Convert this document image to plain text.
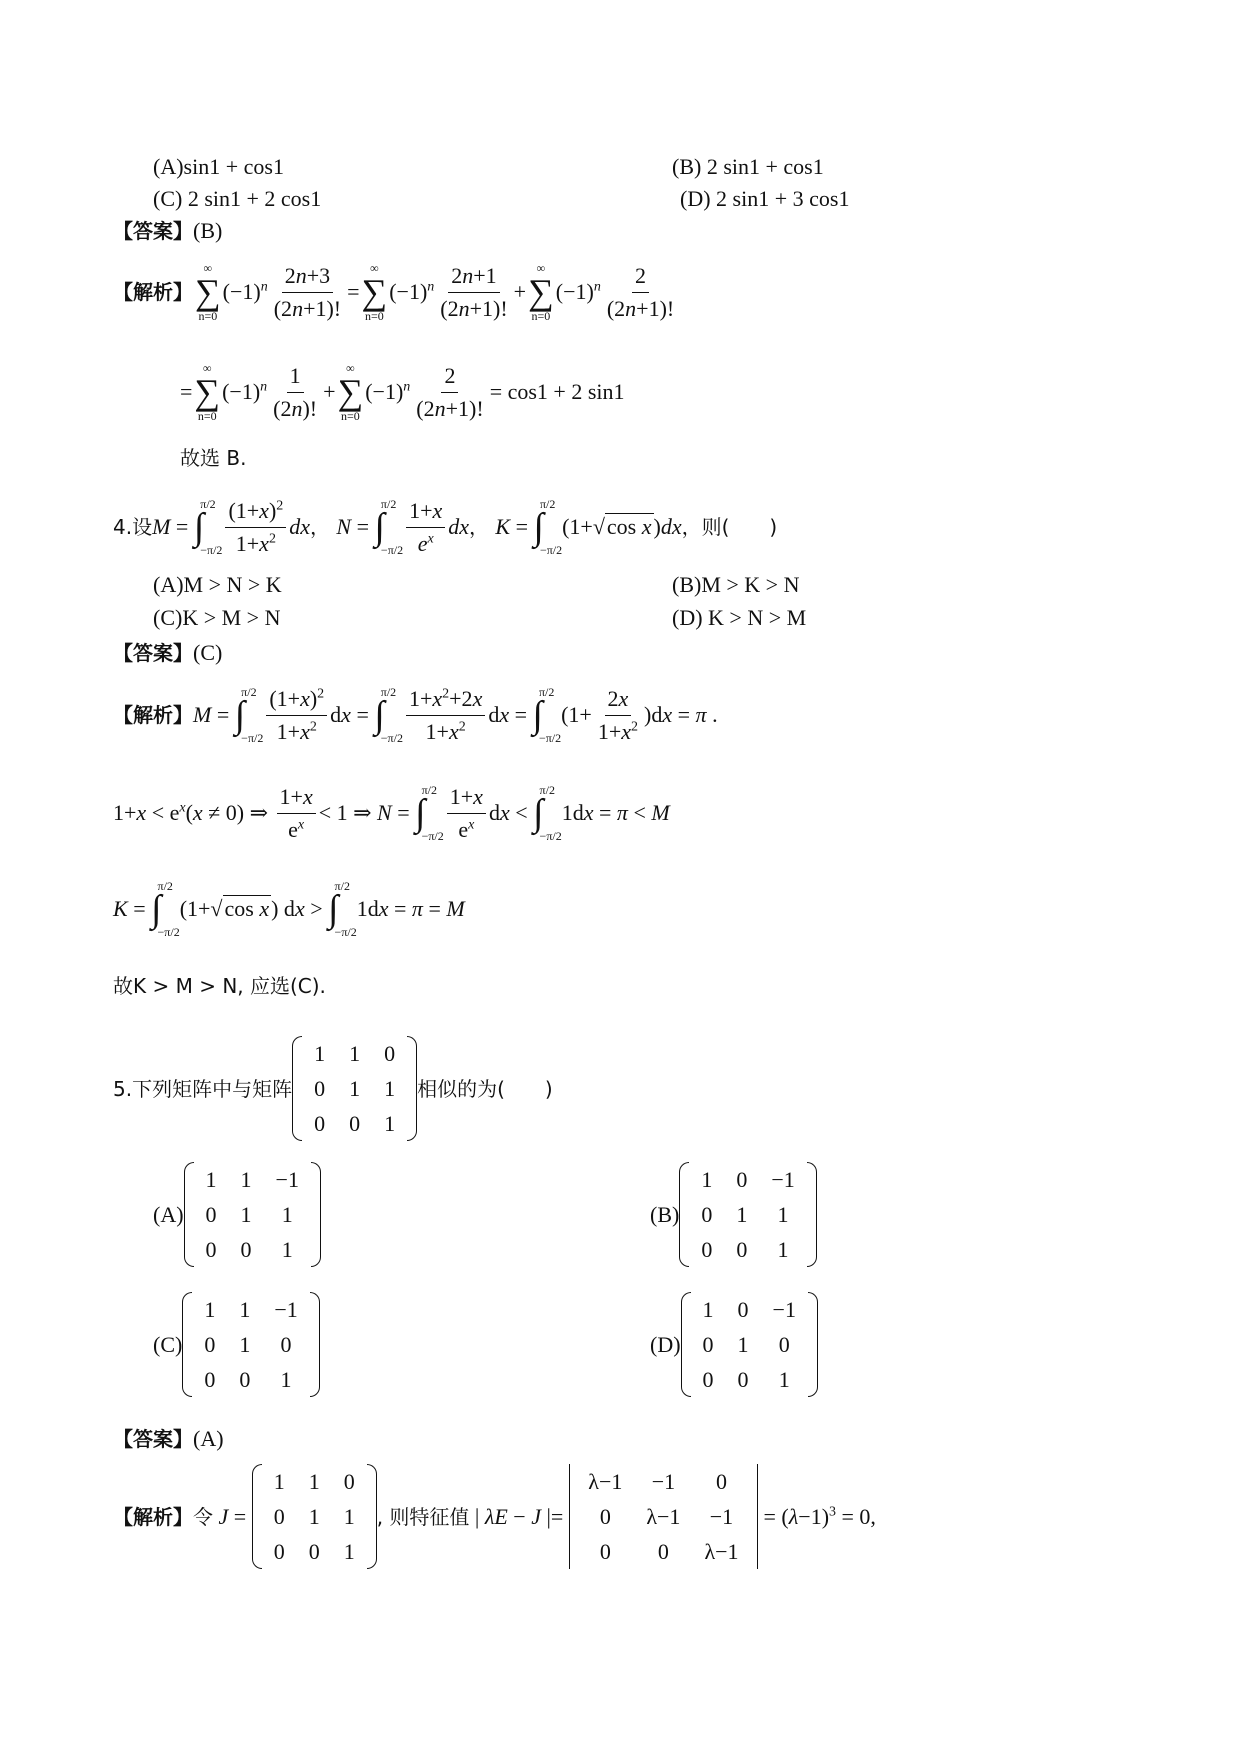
(A)sin1 + cos1	(B) 2 sin1 + cos1
(C) 2 sin1 + 2 cos1	(D) 2 sin1 + 3 cos1
【答案】(B)
【解析】
∞
∑
n=0
$(-1)^n \frac{2n+3}{(2n+1)!}$ =
∞
∑
n=0
$(-1)^n \frac{2n+1}{(2n+1)!}$ +
∞
∑
n=0
$(-1)^n \frac{2}{(2n+1)!}$
=
∞
∑
n=0
$(-1)^n \frac{1}{(2n)!}$ +
∞
∑
n=0
$(-1)^n \frac{2}{(2n+1)!} = \cos 1 + 2$ sin1
故选 B.
4.设 M = ∫
π/2
$-\pi/2 \frac{(1+x)^2}{1+x^2}$ dx ， N = ∫
π/2
$-\pi/2 \frac{1+x}{e^x}$ dx ， K = ∫
π/2
−π/2
(1+√cos x) dx ，则(　　)
(A)M > N > K	(B)M > K > N
(C)K > M > N	(D) K > N > M
【答案】(C)
【解析】 M = ∫
π/2
$-\pi/2 \frac{(1+x)^2}{1+x^2}$ dx = ∫
π/2
$-\pi/2 \frac{1+x^2+2x}{1+x^2}$ dx = ∫
π/2
−π/2
$(1+ \frac{2x}{1+x^2} )dx = \pi$ .
$1+x < e^x(x \ne 0)$ ⇒ $\frac{1+x}{e^x} < 1$ ⇒ N = ∫
π/2
$-\pi/2 \frac{1+x}{e^x}$ dx < ∫
π/2
−π/2
1dx = π < M
K = ∫
π/2
−π/2
(1+√cos x) dx > ∫
π/2
−π/2
1dx = π = M
故K > M > N, 应选(C).
5.下列矩阵中与矩阵
1	1	0
0	1	1
0	0	1
相似的为(　　)
(A)
1	1	−1
0	1	1
0	0	1
(B)
1	0	−1
0	1	1
0	0	1
(C)
1	1	−1
0	1	0
0	0	1
(D)
1	0	−1
0	1	0
0	0	1
【答案】(A)
【解析】 令 J =
1	1	0
0	1	1
0	0	1
, 则特征值 | λE − J |=
λ−1	−1	0
0	λ−1	−1
0	0	λ−1
= $(\lambda-1)^3 = 0$,
